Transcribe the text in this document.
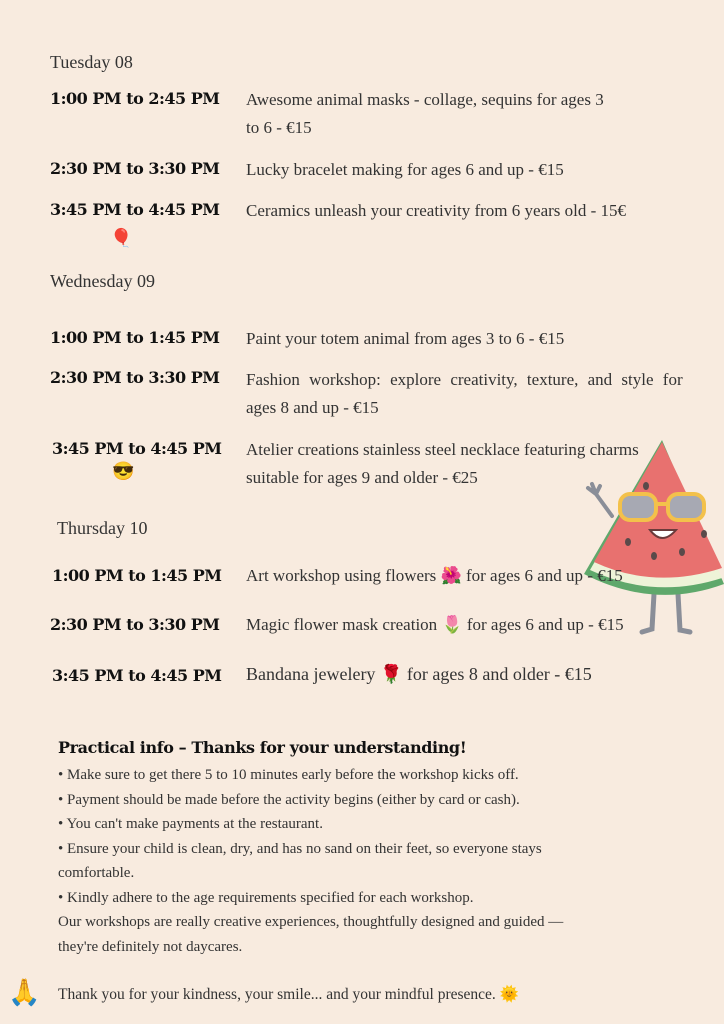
Tuesday 08
Wednesday 09
Thursday 10
1:00 PM to 2:45 PM Awesome animal masks - collage, sequins for ages 3
to 6 - €15
2:30 PM to 3:30 PM Lucky bracelet making for ages 6 and up - €15
3:45 PM to 4:45 PM Ceramics unleash your creativity from 6 years old - 15€
🎈
1:00 PM to 1:45 PM Paint your totem animal from ages 3 to 6 - €15
2:30 PM to 3:30 PM Fashion workshop: explore creativity, texture, and style for
ages 8 and up - €15
3:45 PM to 4:45 PM Atelier creations stainless steel necklace featuring charms
suitable for ages 9 and older - €25
😎
1:00 PM to 1:45 PM Art workshop using flowers 🌺 for ages 6 and up - €15
2:30 PM to 3:30 PM Magic flower mask creation 🌷 for ages 6 and up - €15
3:45 PM to 4:45 PM Bandana jewelery 🌹 for ages 8 and older - €15
Practical info – Thanks for your understanding!
• Make sure to get there 5 to 10 minutes early before the workshop kicks off.
• Payment should be made before the activity begins (either by card or cash).
• You can't make payments at the restaurant.
• Ensure your child is clean, dry, and has no sand on their feet, so everyone stays
comfortable.
• Kindly adhere to the age requirements specified for each workshop.
Our workshops are really creative experiences, thoughtfully designed and guided —
they're definitely not daycares.
🙏 Thank you for your kindness, your smile... and your mindful presence. 🌞
